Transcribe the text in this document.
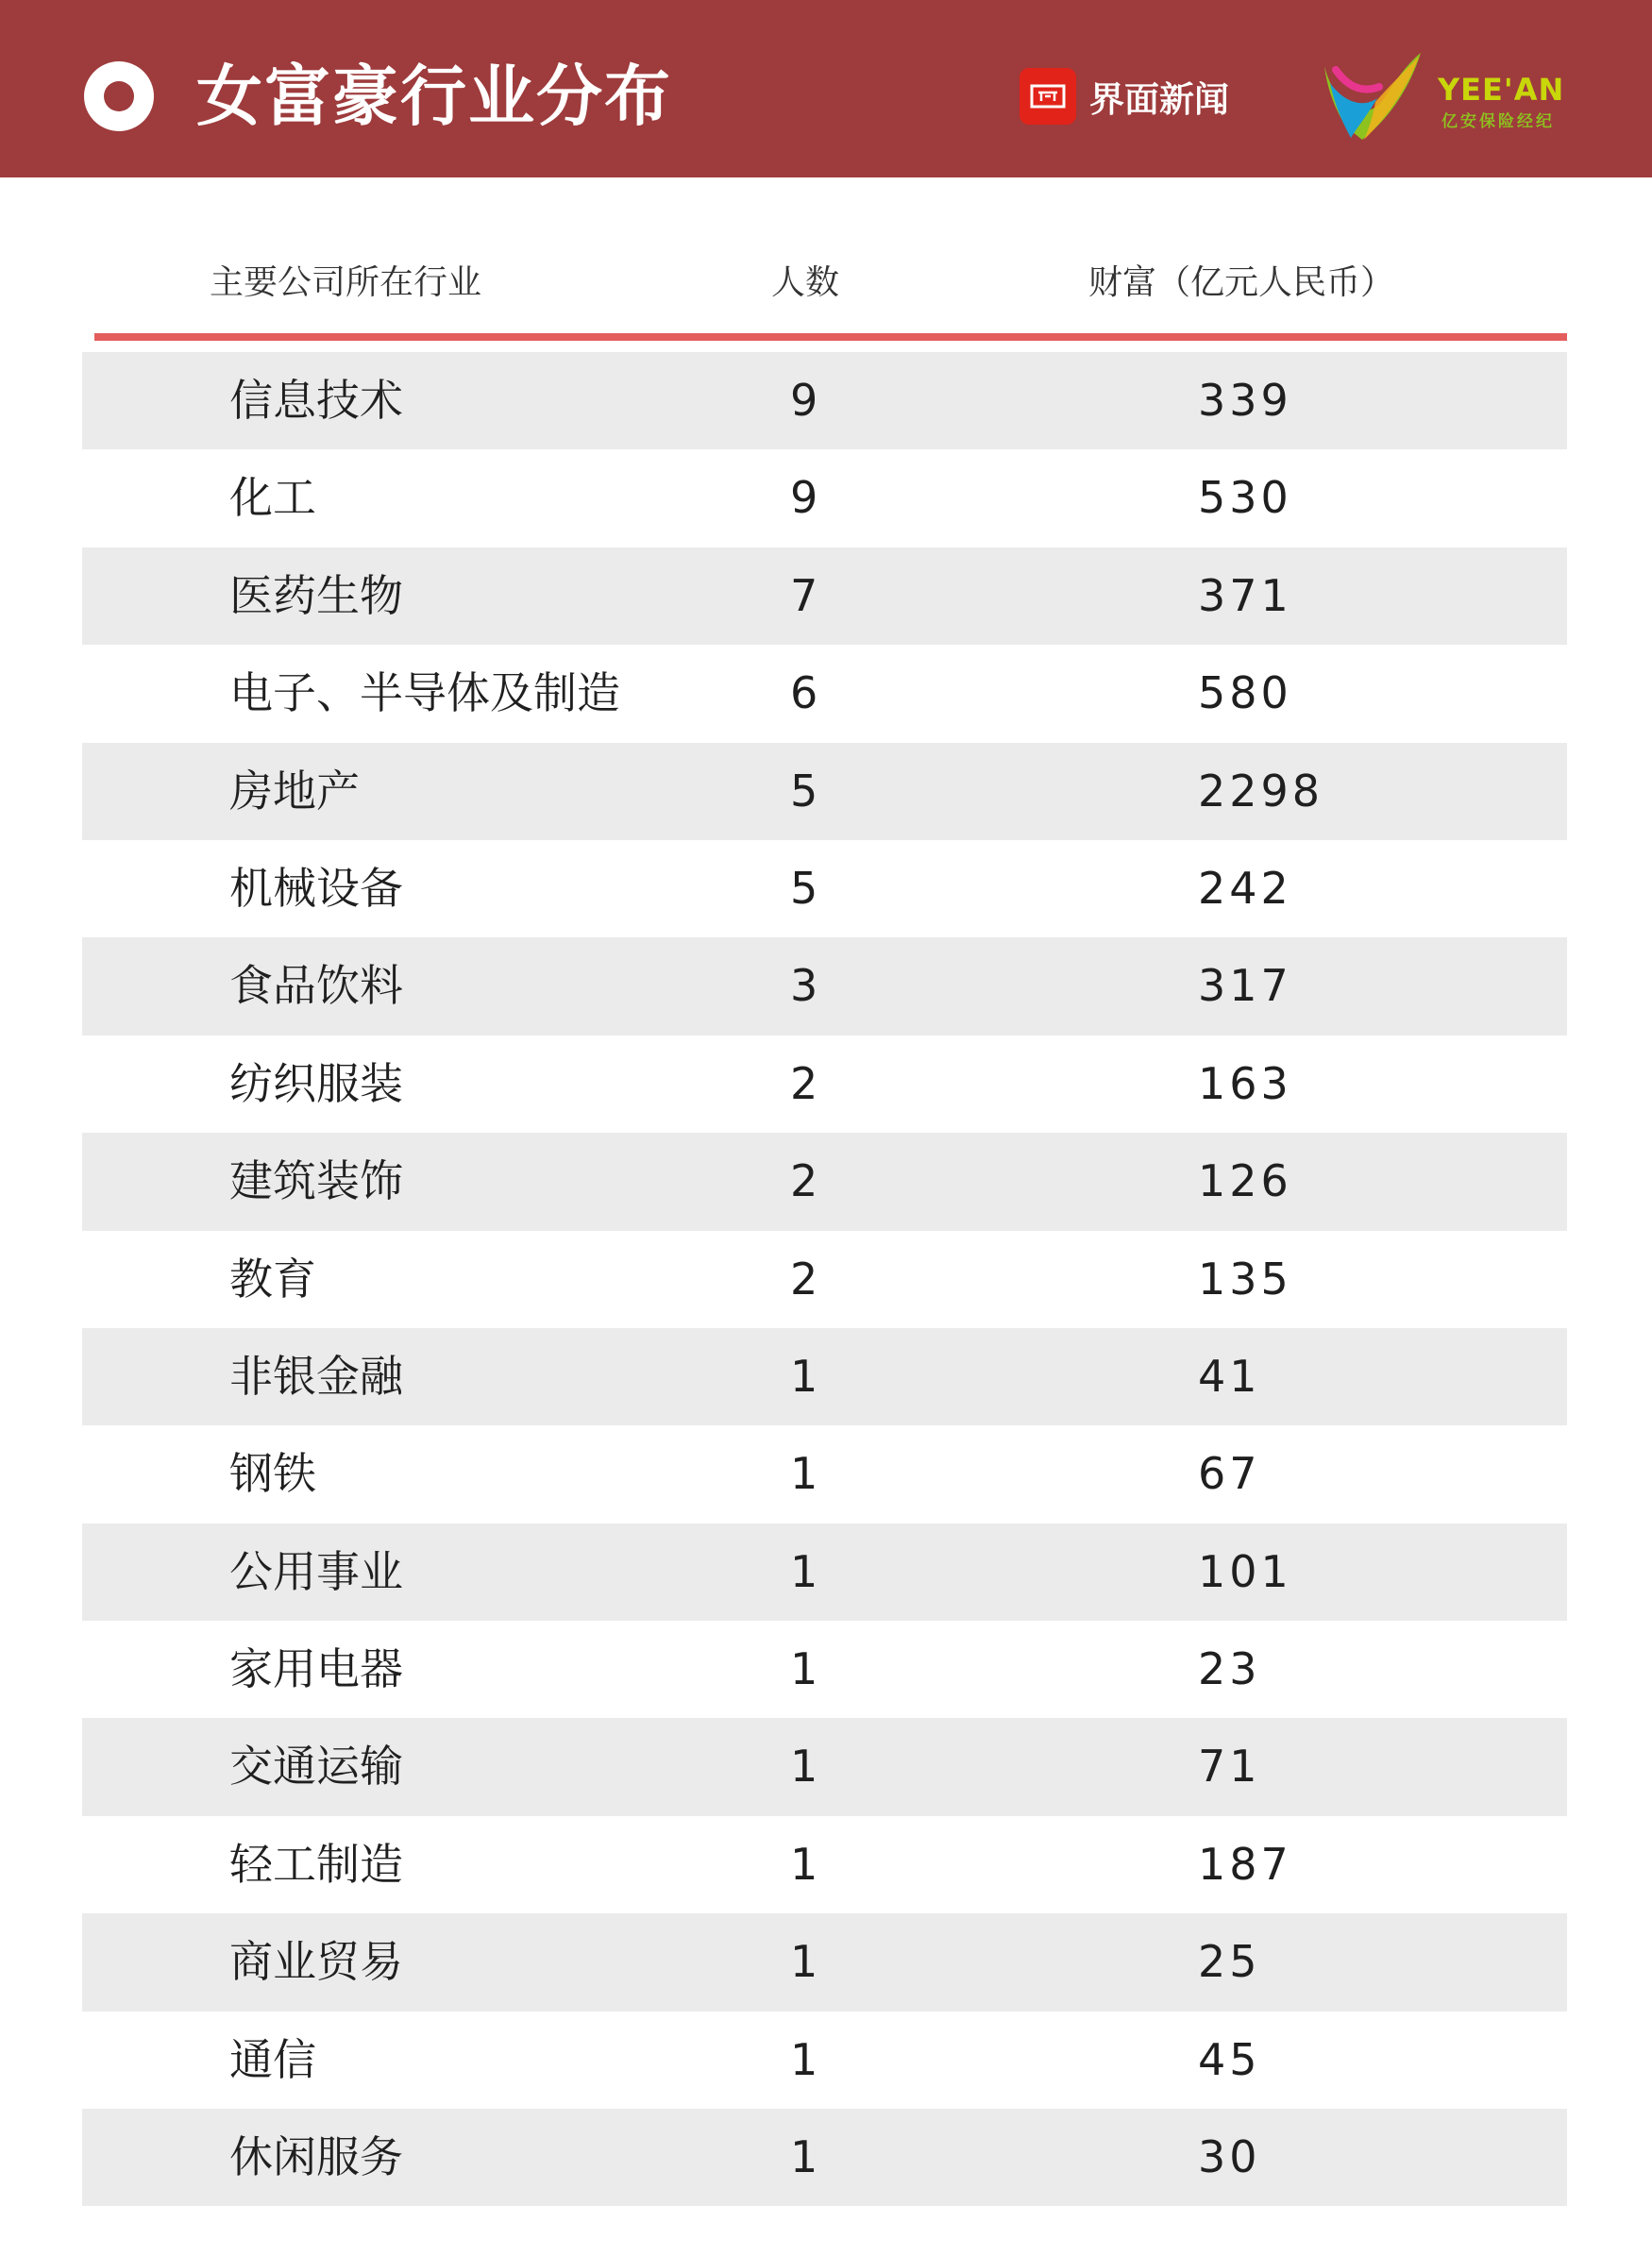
女富豪行业分布	界面新闻	YEE'AN
亿安保险经纪
主要公司所在行业	人数	财富（亿元人民币）
信息技术	9	339
化工	9	530
医药生物	7	371
电子、半导体及制造	6	580
房地产	5	2298
机械设备	5	242
食品饮料	3	317
纺织服装	2	163
建筑装饰	2	126
教育	2	135
非银金融	1	41
钢铁	1	67
公用事业	1	101
家用电器	1	23
交通运输	1	71
轻工制造	1	187
商业贸易	1	25
通信	1	45
休闲服务	1	30
